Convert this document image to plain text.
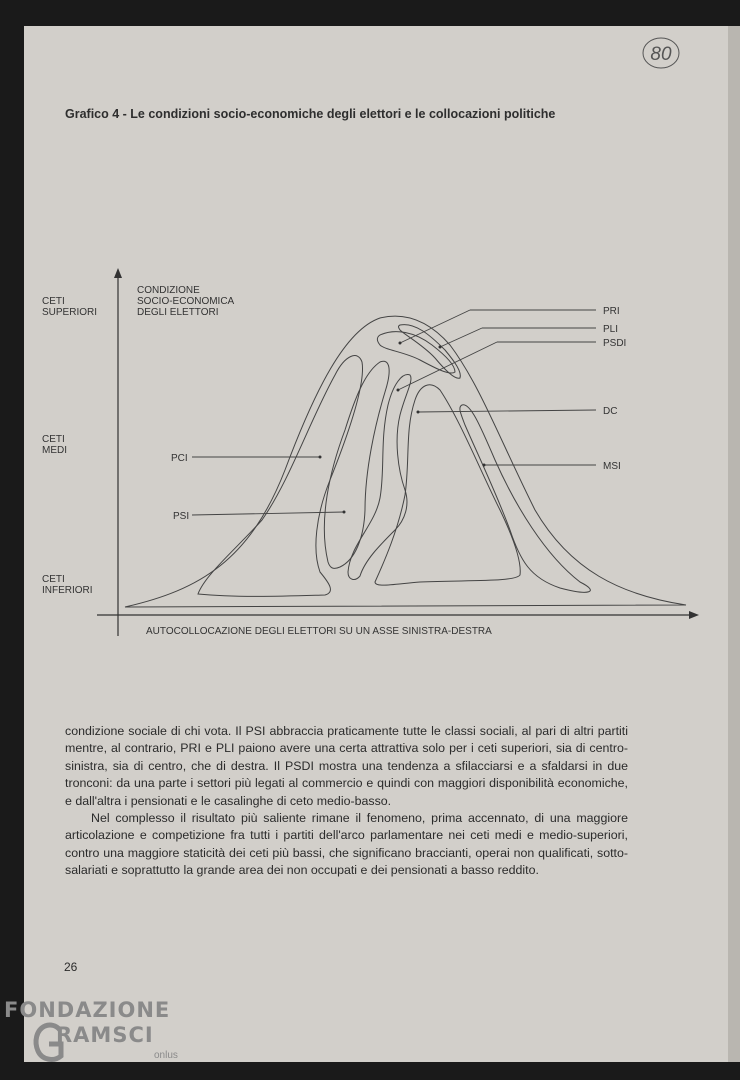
80
Grafico 4 - Le condizioni socio-economiche degli elettori e le collocazioni politiche
CONDIZIONE SOCIO-ECONOMICA DEGLI ELETTORI
CETI SUPERIORI
CETI MEDI
CETI INFERIORI
AUTOCOLLOCAZIONE DEGLI ELETTORI SU UN ASSE SINISTRA-DESTRA
PRI
PLI
PSDI
DC
MSI
PCI
PSI

condizione sociale di chi vota. Il PSI abbraccia praticamente tutte le classi sociali, al pari di altri partiti mentre, al contrario, PRI e PLI paiono avere una certa attrattiva solo per i ceti superiori, sia di centro-sinistra, sia di centro, che di destra. Il PSDI mostra una tendenza a sfilacciarsi e a sfaldarsi in due tronconi: da una parte i settori più legati al commercio e quindi con maggiori disponibilità economiche, e dall'altra i pensionati e le casalinghe di ceto medio-basso.

Nel complesso il risultato più saliente rimane il fenomeno, prima accennato, di una maggiore articolazione e competizione fra tutti i partiti dell'arco parlamentare nei ceti medi e medio-superiori, contro una maggiore staticità dei ceti più bassi, che significano braccianti, operai non qualificati, sotto-salariati e soprattutto la grande area dei non occupati e dei pensionati a basso reddito.

26
FONDAZIONE
RAMSCI
onlus
